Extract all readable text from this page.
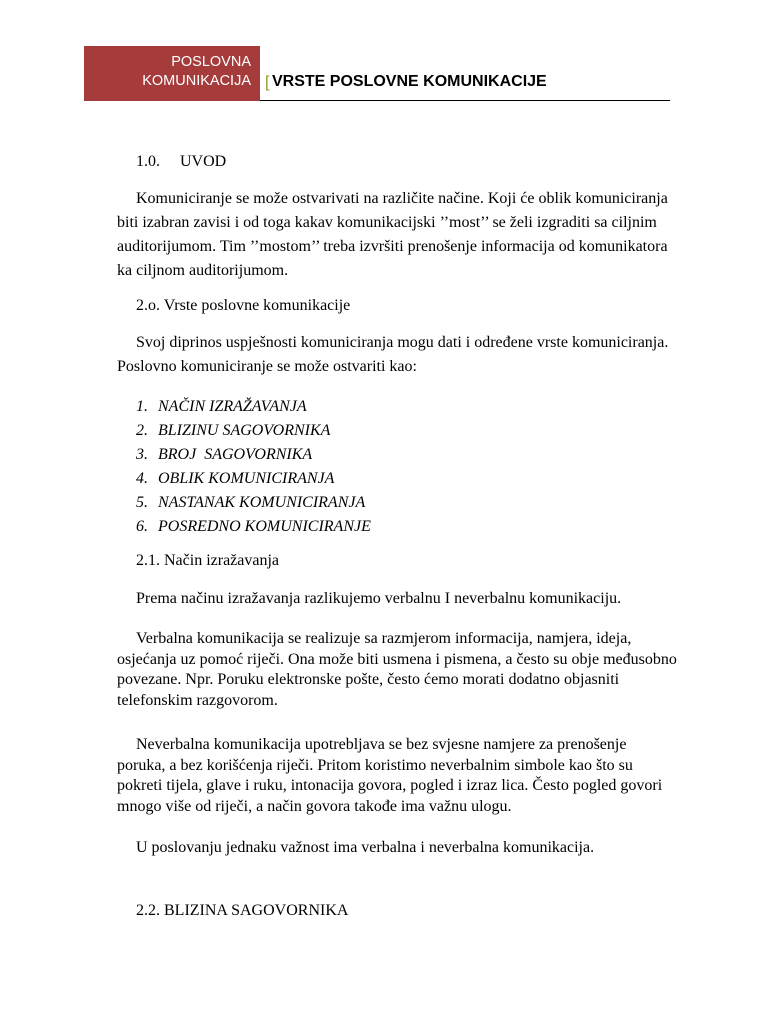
POSLOVNA
KOMUNIKACIJA [ VRSTE POSLOVNE KOMUNIKACIJE
1.0.     UVOD
Komuniciranje se može ostvarivati na različite načine. Koji će oblik komuniciranja biti izabran zavisi i od toga kakav komunikacijski ’’most’’ se želi izgraditi sa ciljnim auditorijumom. Tim ’’mostom’’ treba izvršiti prenošenje informacija od komunikatora ka ciljnom auditorijumom.
2.o. Vrste poslovne komunikacije
Svoj diprinos uspješnosti komuniciranja mogu dati i određene vrste komuniciranja. Poslovno komuniciranje se može ostvariti kao:
1. NAČIN IZRAŽAVANJA
2. BLIZINU SAGOVORNIKA
3. BROJ  SAGOVORNIKA
4. OBLIK KOMUNICIRANJA
5. NASTANAK KOMUNICIRANJA
6. POSREDNO KOMUNICIRANJE
2.1. Način izražavanja
Prema načinu izražavanja razlikujemo verbalnu I neverbalnu komunikaciju.
Verbalna komunikacija se realizuje sa razmjerom informacija, namjera, ideja, osjećanja uz pomoć riječi. Ona može biti usmena i pismena, a često su obje međusobno povezane. Npr. Poruku elektronske pošte, često ćemo morati dodatno objasniti telefonskim razgovorom.
Neverbalna komunikacija upotrebljava se bez svjesne namjere za prenošenje poruka, a bez korišćenja riječi. Pritom koristimo neverbalnim simbole kao što su pokreti tijela, glave i ruku, intonacija govora, pogled i izraz lica. Često pogled govori mnogo više od riječi, a način govora takođe ima važnu ulogu.
U poslovanju jednaku važnost ima verbalna i neverbalna komunikacija.
2.2. BLIZINA SAGOVORNIKA
